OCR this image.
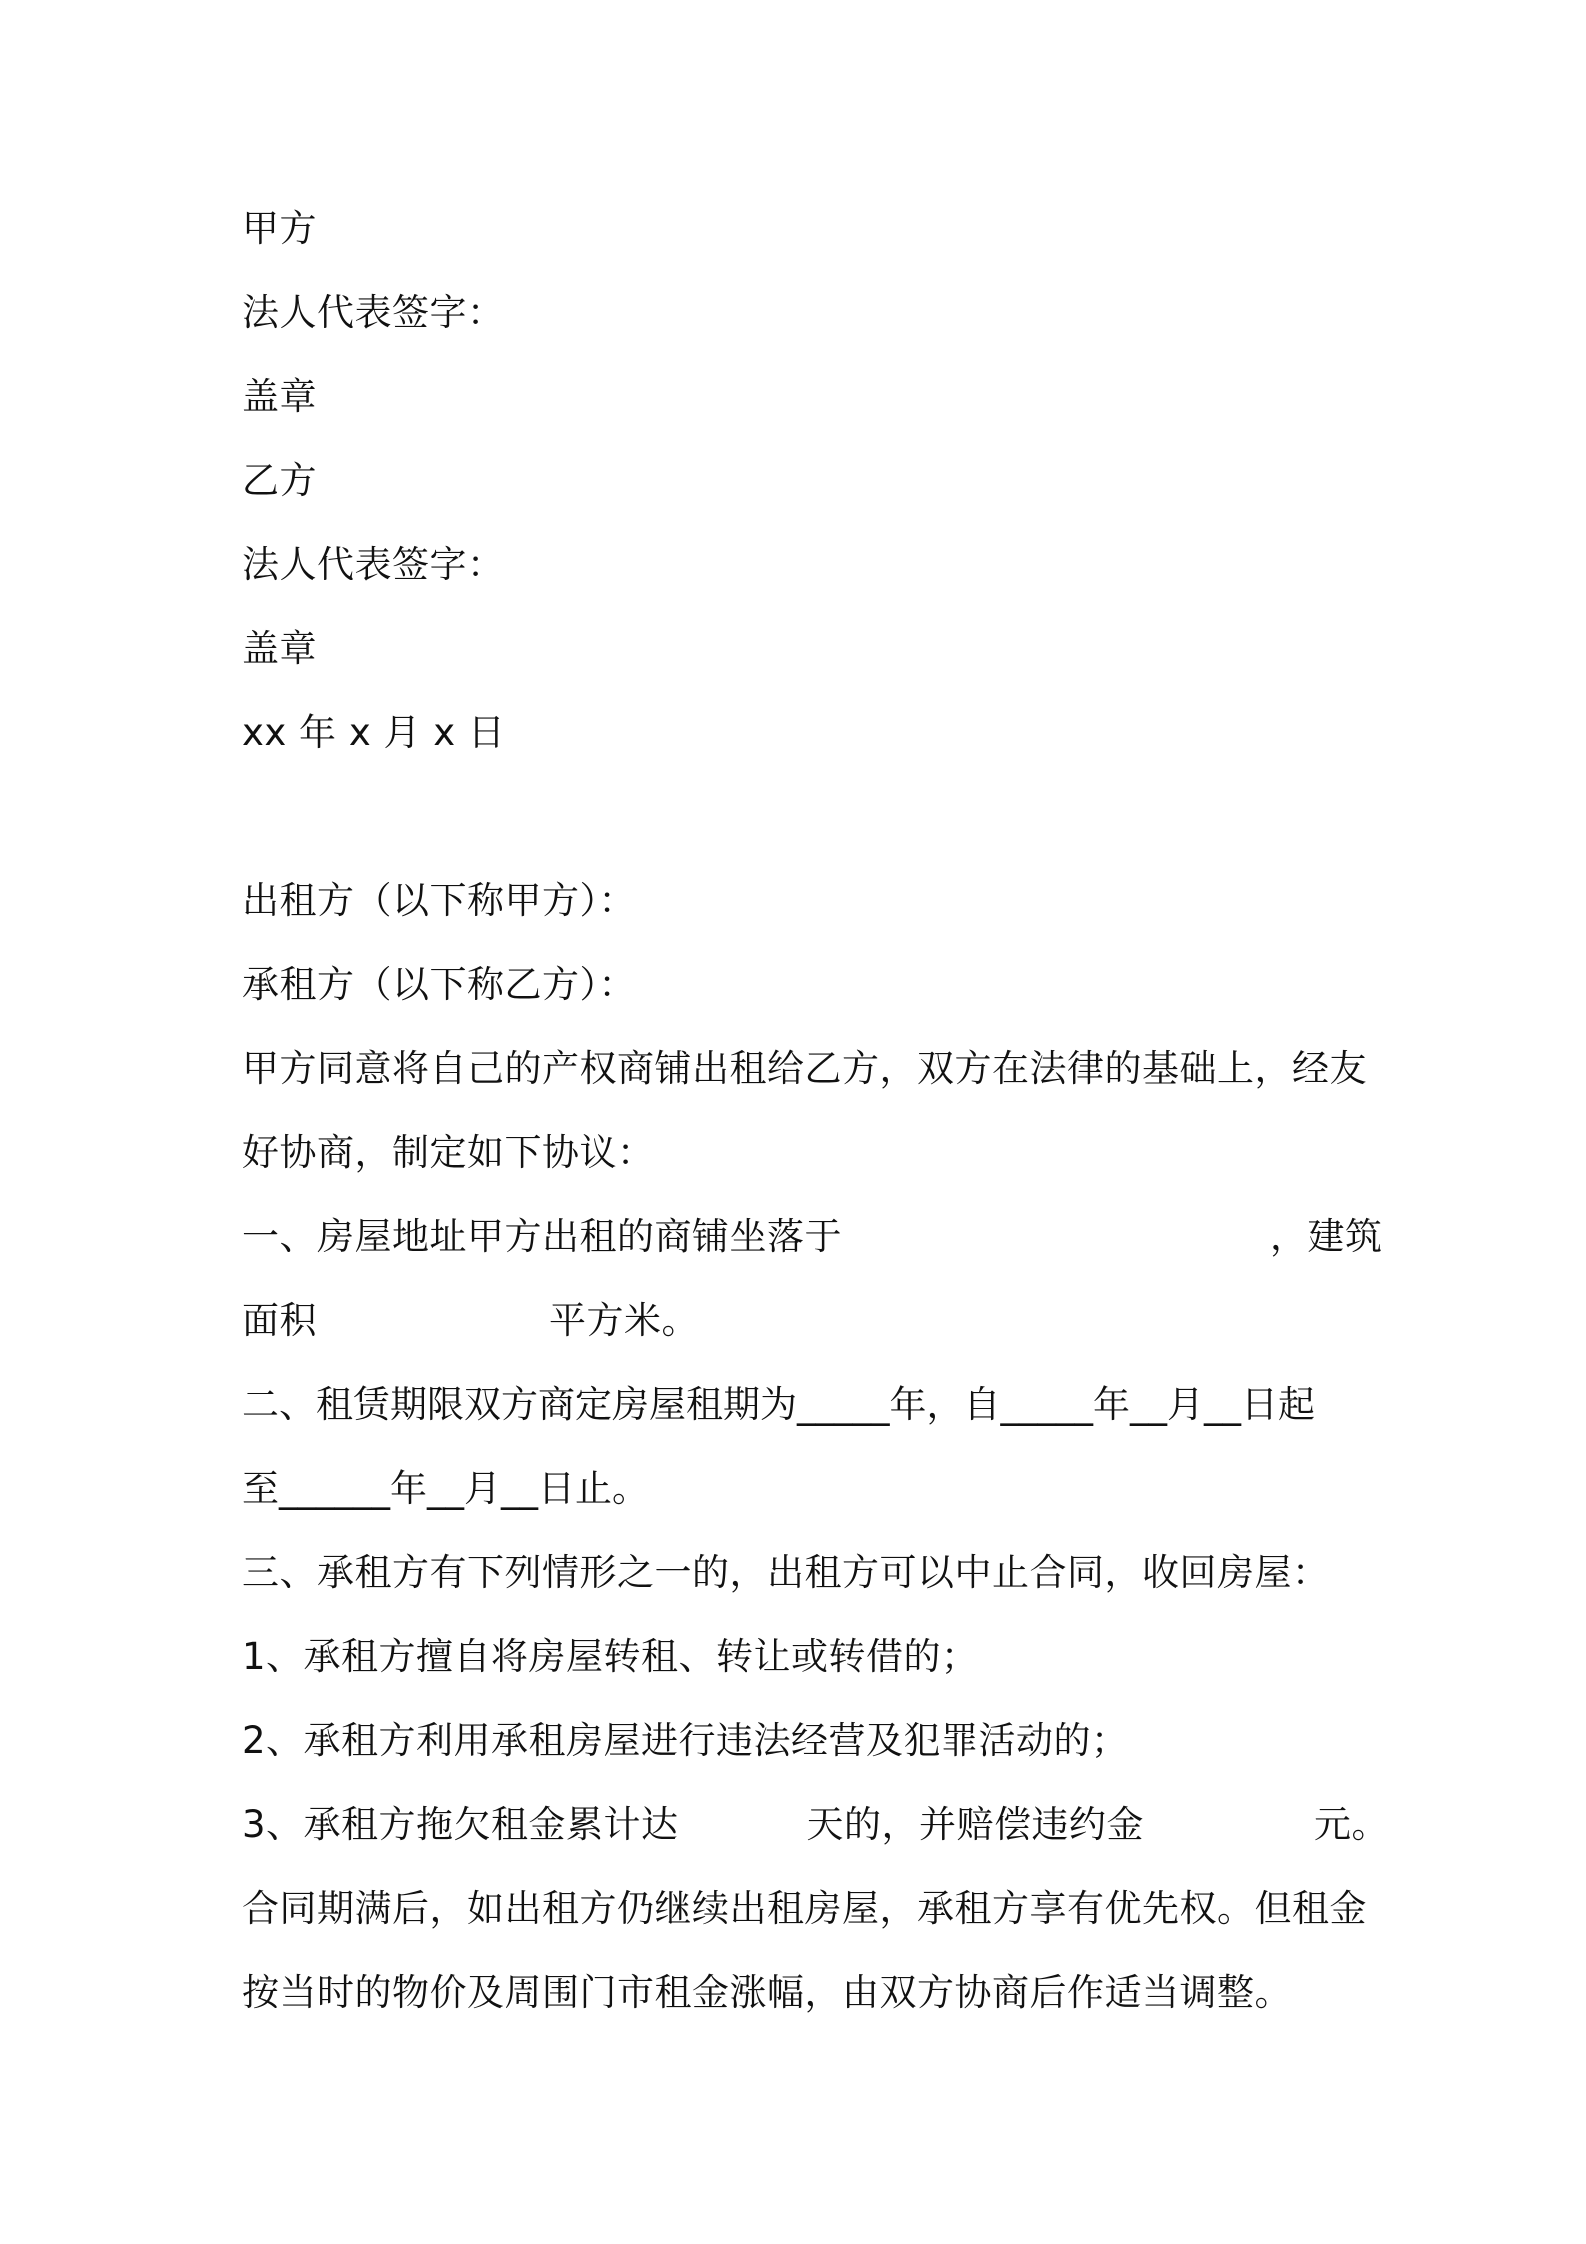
甲方
法人代表签字：
盖章
乙方
法人代表签字：
盖章
xx 年 x 月 x 日
出租方（以下称甲方）：
承租方（以下称乙方）：
甲方同意将自己的产权商铺出租给乙方，双方在法律的基础上，经友
好协商，制定如下协议：
一、房屋地址甲方出租的商铺坐落于	，建筑
面积	平方米。
二、租赁期限双方商定房屋租期为_____年，自_____年__月__日起
至______年__月__日止。
三、承租方有下列情形之一的，出租方可以中止合同，收回房屋：
1、承租方擅自将房屋转租、转让或转借的；
2、承租方利用承租房屋进行违法经营及犯罪活动的；
3、承租方拖欠租金累计达	天的，并赔偿违约金	元。
合同期满后，如出租方仍继续出租房屋，承租方享有优先权。但租金
按当时的物价及周围门市租金涨幅，由双方协商后作适当调整。
